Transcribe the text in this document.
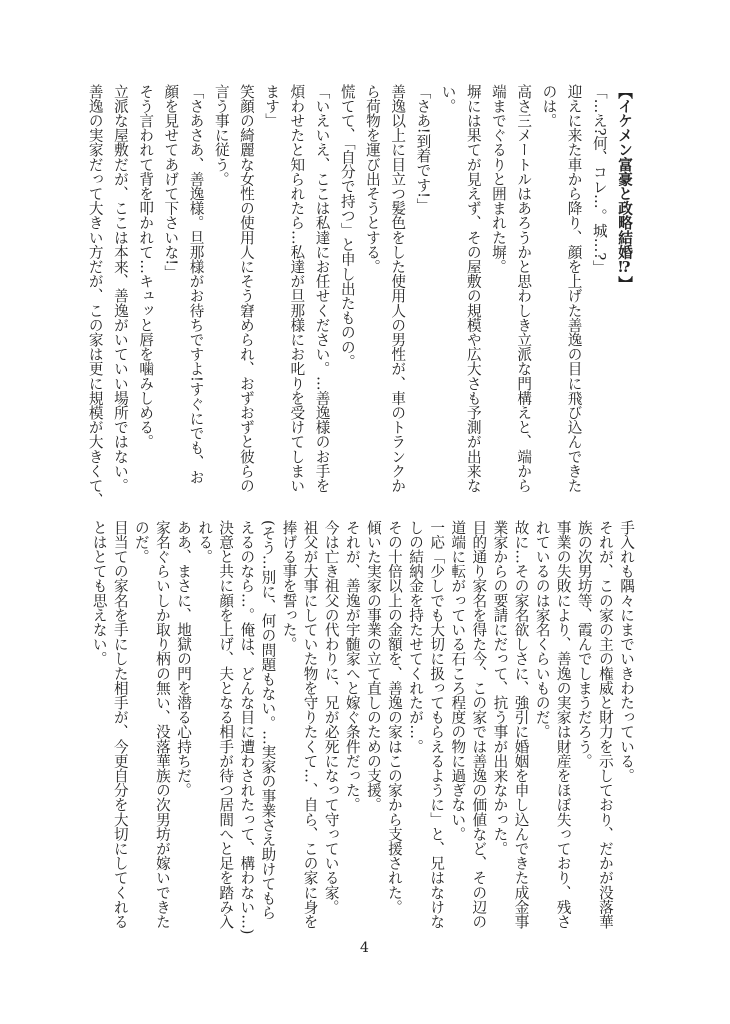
【イケメン富豪と政略結婚⁉】
「…え?何、コレ…。城…?」
迎えに来た車から降り、顔を上げた善逸の目に飛び込んできた
のは。
高さ三メートルはあろうかと思わしき立派な門構えと、端から
端までぐるりと囲まれた塀。
塀には果てが見えず、その屋敷の規模や広大さも予測が出来な
い。
「さあ!到着です!」
善逸以上に目立つ髪色をした使用人の男性が、車のトランクか
ら荷物を運び出そうとする。
慌てて、「自分で持つ」と申し出たものの。
「いえいえ、ここは私達にお任せください。…善逸様のお手を
煩わせたと知られたら…私達が旦那様にお叱りを受けてしまい
ます」
笑顔の綺麗な女性の使用人にそう窘められ、おずおずと彼らの
言う事に従う。
「さあさあ、善逸様。旦那様がお待ちですよ!すぐにでも、お
顔を見せてあげて下さいな!」
そう言われて背を叩かれて…キュッと唇を噛みしめる。
立派な屋敷だが、ここは本来、善逸がいていい場所ではない。
善逸の実家だって大きい方だが、この家は更に規模が大きくて、
手入れも隅々にまでいきわたっている。
それが、この家の主の権威と財力を示しており、だかが没落華
族の次男坊等、霞んでしまうだろう。
事業の失敗により、善逸の実家は財産をほぼ失っており、残さ
れているのは家名くらいものだ。
故に…その家名欲しさに、強引に婚姻を申し込んできた成金事
業家からの要請にだって、抗う事が出来なかった。
目的通り家名を得た今、この家では善逸の価値など、その辺の
道端に転がっている石ころ程度の物に過ぎない。
一応「少しでも大切に扱ってもらえるように」と、兄はなけな
しの結納金を持たせてくれたが…。
その十倍以上の金額を、善逸の家はこの家から支援された。
傾いた実家の事業の立て直しのための支援。
それが、善逸が宇髄家へと嫁ぐ条件だった。
今は亡き祖父の代わりに、兄が必死になって守っている家。
祖父が大事にしていた物を守りたくて…、自ら、この家に身を
捧げる事を誓った。
(そう…別に、何の問題もない。…実家の事業さえ助けてもら
えるのなら…。俺は、どんな目に遭わされたって、構わない…)
決意と共に顔を上げ、夫となる相手が待つ居間へと足を踏み入
れる。
ああ、まさに、地獄の門を潜る心持ちだ。
家名ぐらいしか取り柄の無い、没落華族の次男坊が嫁いできた
のだ。
目当ての家名を手にした相手が、今更自分を大切にしてくれる
とはとても思えない。
4
